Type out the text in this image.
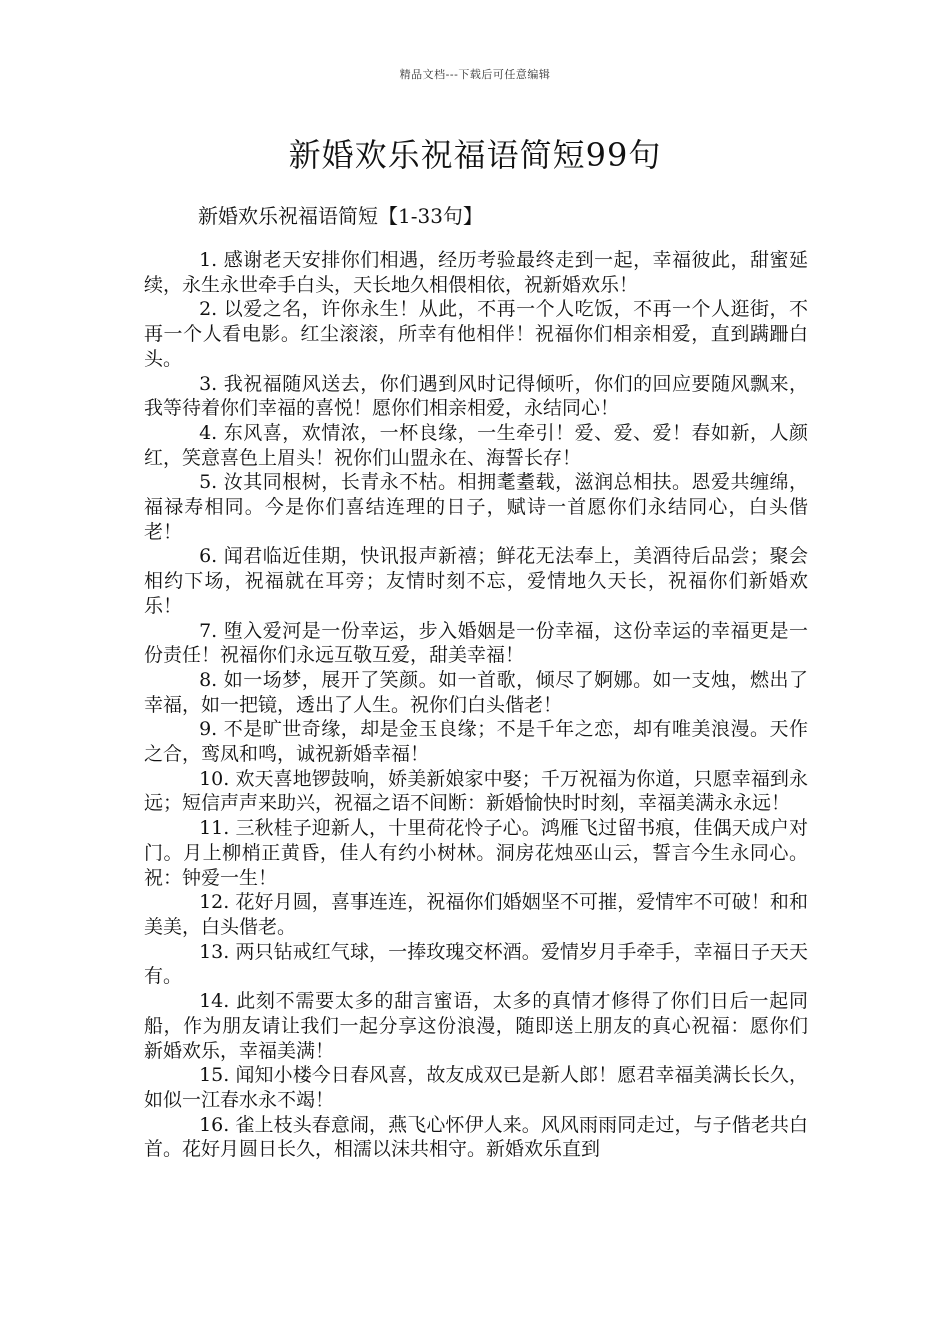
精品文档---下载后可任意编辑
新婚欢乐祝福语简短99句
新婚欢乐祝福语简短【1-33句】

1. 感谢老天安排你们相遇，经历考验最终走到一起，幸福彼此，甜蜜延续，永生永世牵手白头，天长地久相偎相依，祝新婚欢乐！

2. 以爱之名，许你永生！从此，不再一个人吃饭，不再一个人逛街，不再一个人看电影。红尘滚滚，所幸有他相伴！祝福你们相亲相爱，直到蹒跚白头。

3. 我祝福随风送去，你们遇到风时记得倾听，你们的回应要随风飘来，我等待着你们幸福的喜悦！愿你们相亲相爱，永结同心！

4. 东风喜，欢情浓，一杯良缘，一生牵引！爱、爱、爱！春如新，人颜红，笑意喜色上眉头！祝你们山盟永在、海誓长存！

5. 汝其同根树，长青永不枯。相拥耄耋载，滋润总相扶。恩爱共缠绵，福禄寿相同。今是你们喜结连理的日子，赋诗一首愿你们永结同心，白头偕老！

6. 闻君临近佳期，快讯报声新禧；鲜花无法奉上，美酒待后品尝；聚会相约下场，祝福就在耳旁；友情时刻不忘，爱情地久天长，祝福你们新婚欢乐！

7. 堕入爱河是一份幸运，步入婚姻是一份幸福，这份幸运的幸福更是一份责任！祝福你们永远互敬互爱，甜美幸福！

8. 如一场梦，展开了笑颜。如一首歌，倾尽了婀娜。如一支烛，燃出了幸福，如一把镜，透出了人生。祝你们白头偕老！

9. 不是旷世奇缘，却是金玉良缘；不是千年之恋，却有唯美浪漫。天作之合，鸾凤和鸣，诚祝新婚幸福！

10. 欢天喜地锣鼓响，娇美新娘家中娶；千万祝福为你道，只愿幸福到永远；短信声声来助兴，祝福之语不间断：新婚愉快时时刻，幸福美满永永远！

11. 三秋桂子迎新人，十里荷花怜子心。鸿雁飞过留书痕，佳偶天成户对门。月上柳梢正黄昏，佳人有约小树林。洞房花烛巫山云，誓言今生永同心。祝：钟爱一生！

12. 花好月圆，喜事连连，祝福你们婚姻坚不可摧，爱情牢不可破！和和美美，白头偕老。

13. 两只钻戒红气球，一捧玫瑰交杯酒。爱情岁月手牵手，幸福日子天天有。

14. 此刻不需要太多的甜言蜜语，太多的真情才修得了你们日后一起同船，作为朋友请让我们一起分享这份浪漫，随即送上朋友的真心祝福：愿你们新婚欢乐，幸福美满！

15. 闻知小楼今日春风喜，故友成双已是新人郎！愿君幸福美满长长久，如似一江春水永不竭！

16. 雀上枝头春意闹，燕飞心怀伊人来。风风雨雨同走过，与子偕老共白首。花好月圆日长久，相濡以沫共相守。新婚欢乐直到
